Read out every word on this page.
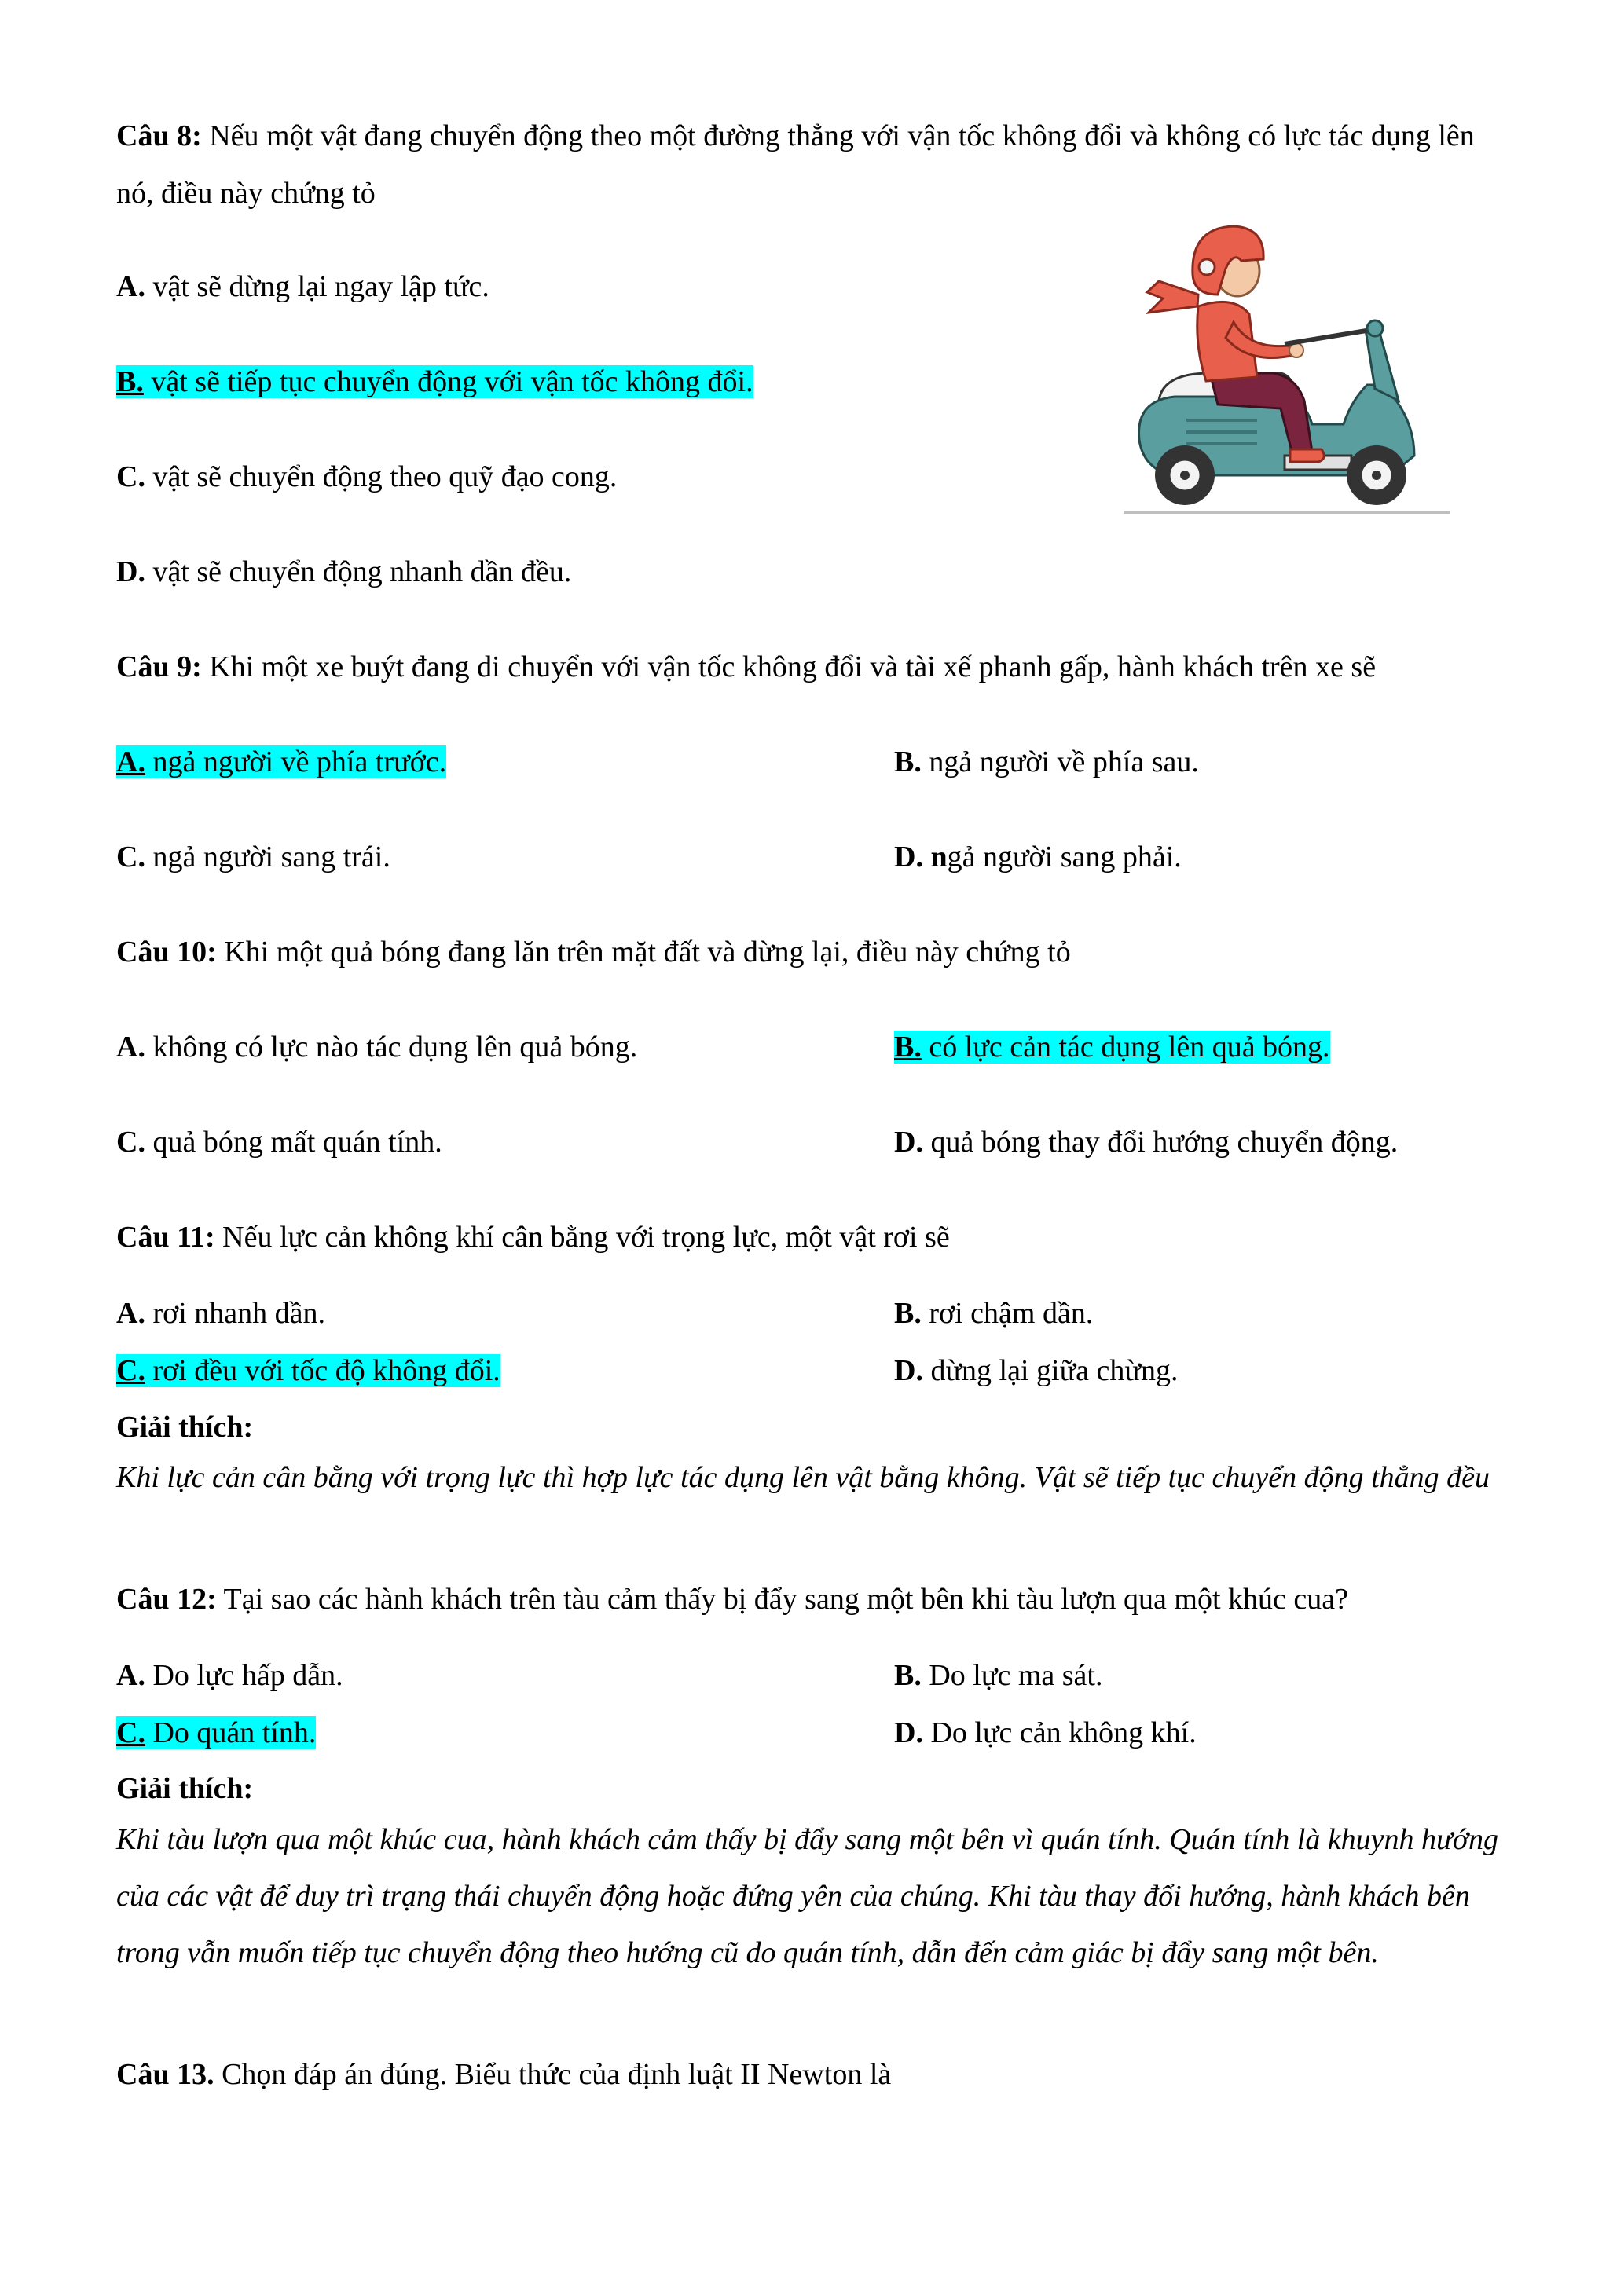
Câu 8: Nếu một vật đang chuyển động theo một đường thẳng với vận tốc không đổi và không có lực tác dụng lên nó, điều này chứng tỏ
A. vật sẽ dừng lại ngay lập tức.
B. vật sẽ tiếp tục chuyển động với vận tốc không đổi.
C. vật sẽ chuyển động theo quỹ đạo cong.
D. vật sẽ chuyển động nhanh dần đều.
Câu 9: Khi một xe buýt đang di chuyển với vận tốc không đổi và tài xế phanh gấp, hành khách trên xe sẽ
A. ngả người về phía trước.	B. ngả người về phía sau.
C. ngả người sang trái.	D. ngả người sang phải.
Câu 10: Khi một quả bóng đang lăn trên mặt đất và dừng lại, điều này chứng tỏ
A. không có lực nào tác dụng lên quả bóng.	B. có lực cản tác dụng lên quả bóng.
C. quả bóng mất quán tính.	D. quả bóng thay đổi hướng chuyển động.
Câu 11: Nếu lực cản không khí cân bằng với trọng lực, một vật rơi sẽ
A. rơi nhanh dần.	B. rơi chậm dần.
C. rơi đều với tốc độ không đổi.	D. dừng lại giữa chừng.
Giải thích:
Khi lực cản cân bằng với trọng lực thì hợp lực tác dụng lên vật bằng không. Vật sẽ tiếp tục chuyển động thẳng đều
Câu 12: Tại sao các hành khách trên tàu cảm thấy bị đẩy sang một bên khi tàu lượn qua một khúc cua?
A. Do lực hấp dẫn.	B. Do lực ma sát.
C. Do quán tính.	D. Do lực cản không khí.
Giải thích:
Khi tàu lượn qua một khúc cua, hành khách cảm thấy bị đẩy sang một bên vì quán tính. Quán tính là khuynh hướng của các vật để duy trì trạng thái chuyển động hoặc đứng yên của chúng. Khi tàu thay đổi hướng, hành khách bên trong vẫn muốn tiếp tục chuyển động theo hướng cũ do quán tính, dẫn đến cảm giác bị đẩy sang một bên.
Câu 13. Chọn đáp án đúng. Biểu thức của định luật II Newton là
